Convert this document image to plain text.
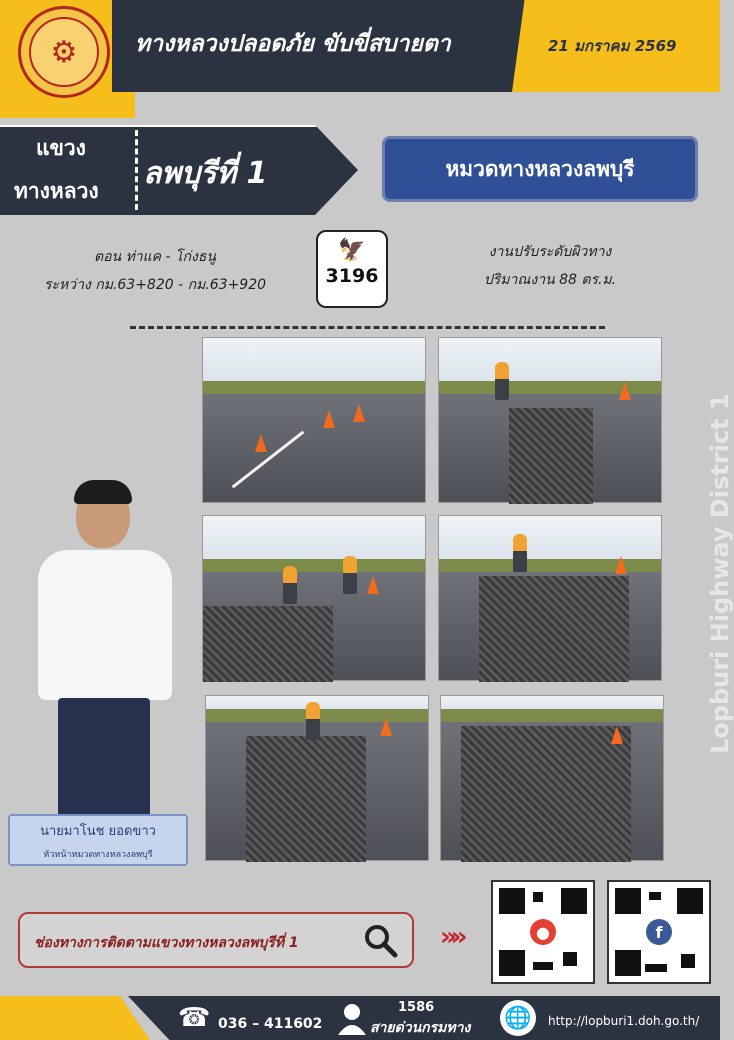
⚙	ทางหลวงปลอดภัย ขับขี่สบายตา	21 มกราคม 2569
แขวง
ทางหลวง ลพบุรีที่ 1	หมวดทางหลวงลพบุรี
ตอน ท่าแค - โก่งธนู
ระหว่าง กม.63+820 - กม.63+920
🦅
3196
งานปรับระดับผิวทาง
ปริมาณงาน 88 ตร.ม.
Lopburi Highway District 1
นายมาโนช ยอดขาว
หัวหน้าหมวดทางหลวงลพบุรี
ช่องทางการติดตามแขวงทางหลวงลพบุรีที่ 1	»»	●	f
☎ 036 – 411602
1586
สายด่วนกรมทาง 🌐	http://lopburi1.doh.go.th/
